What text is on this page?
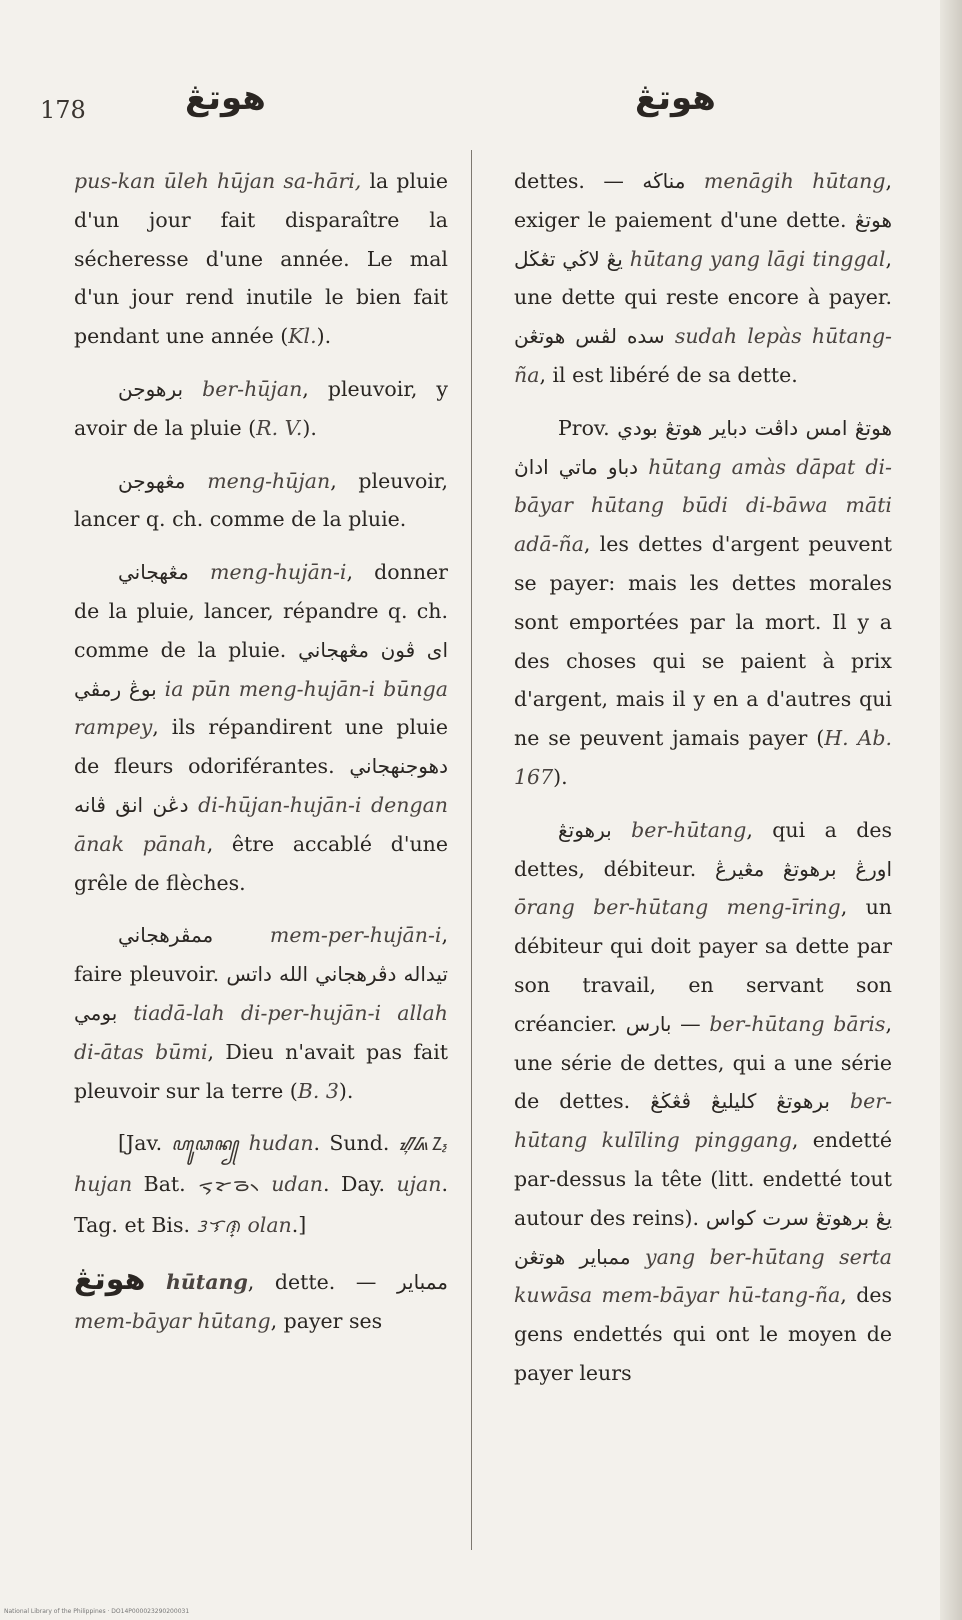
178	هوتڠ	هوتڠ

pus-kan ūleh hūjan sa-hāri, la pluie d'un jour fait disparaître la sécheresse d'une année. Le mal d'un jour rend inutile le bien fait pendant une année (Kl.).

برهوجن ber-hūjan, pleuvoir, y avoir de la pluie (R. V.).

مڠهوجن meng-hūjan, pleuvoir, lancer q. ch. comme de la pluie.

مڠهجاني meng-hujān-i, donner de la pluie, lancer, répandre q. ch. comme de la pluie. اى ڤون مڠهجاني بوڠ رمڤي ia pūn meng-hujān-i būnga rampey, ils répandirent une pluie de fleurs odoriférantes. دهوجنهجاني دڠن انق ڤانه di-hūjan-hujān-i dengan ānak pānah, être accablé d'une grêle de flèches.

ممڤرهجاني	mem-per-hujān-i, faire pleuvoir. تيدالە دڤرهجاني الله داتس بومي tiadā-lah di-per-hujān-i allah di-ātas būmi, Dieu n'avait pas fait pleuvoir sur la terre (B. 3).

[Jav. ꦲꦸꦣꦤ꧀ hudan. Sund. ᮠᮥᮏᮔ᮪ hujan Bat. ᯑᯮᯘᯉ᯲ udan. Day. ujan. Tag. et Bis. ᜂᜎᜈ᜔ olan.]

هوتڠ hūtang, dette. — ممباير mem-bāyar hūtang, payer ses

dettes. — مناڬه menāgih hūtang, exiger le paiement d'une dette. هوتڠ يڠ لاڬي تڠڬل hūtang yang lāgi tinggal, une dette qui reste encore à payer. سده لڤس هوتڠن sudah lepàs hūtang-ña, il est libéré de sa dette.

Prov. هوتڠ امس داڤت دباير هوتڠ بودي دباو ماتي اداڽ hūtang amàs dāpat di-bāyar hūtang būdi di-bāwa māti adā-ña, les dettes d'argent peuvent se payer: mais les dettes morales sont emportées par la mort. Il y a des choses qui se paient à prix d'argent, mais il y en a d'autres qui ne se peuvent jamais payer (H. Ab. 167).

برهوتڠ ber-hūtang, qui a des dettes, débiteur. اورڠ برهوتڠ مڠيرڠ ōrang ber-hūtang meng-īring, un débiteur qui doit payer sa dette par son travail, en servant son créancier. بارس — ber-hūtang bāris, une série de dettes, qui a une série de dettes. برهوتڠ كليليڠ ڤڠڬڠ ber-hūtang kulīling pinggang, endetté par-dessus la tête (litt. endetté tout autour des reins). يڠ برهوتڠ سرت كواس ممباير هوتڠن yang ber-hūtang serta kuwāsa mem-bāyar hū-tang-ña, des gens endettés qui ont le moyen de payer leurs

National Library of the Philippines · DO14P000023290200031
